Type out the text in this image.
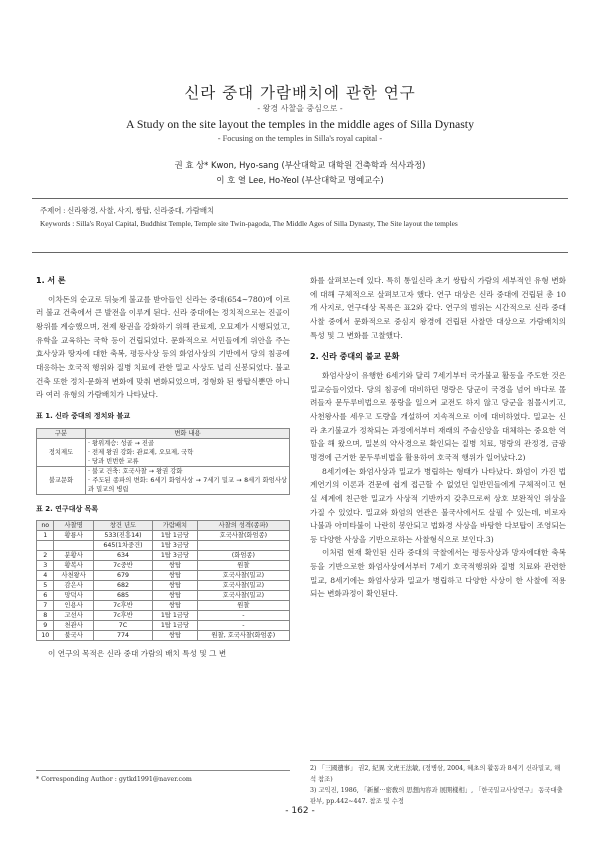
신라 중대 가람배치에 관한 연구
- 왕경 사찰을 중심으로 -
A Study on the site layout the temples in the middle ages of Silla Dynasty
- Focusing on the temples in Silla's royal capital -
권 효 상* Kwon, Hyo-sang (부산대학교 대학원 건축학과 석사과정)
이 호 열 Lee, Ho-Yeol (부산대학교 명예교수)
주제어 : 신라왕경, 사찰, 사지, 쌍탑, 신라중대, 가람배치
Keywords : Silla's Royal Capital, Buddhist Temple, Temple site Twin-pagoda, The Middle Ages of Silla Dynasty, The Site layout the temples
1. 서 론

이차돈의 순교로 뒤늦게 불교를 받아들인 신라는 중대(654~780)에 이르러 불교 건축에서 큰 발전을 이루게 된다. 신라 중대에는 정치적으로는 진골이 왕위를 계승했으며, 전제 왕권을 강화하기 위해 관료제, 오묘제가 시행되었고, 유학을 교육하는 국학 등이 건립되었다. 문화적으로 서민들에게 위안을 주는 효사상과 땅자에 대한 축복, 평등사상 등의 화엄사상의 기반에서 당의 침공에 대응하는 호국적 행위와 질병 치료에 관한 밀교 사상도 널리 신봉되었다. 불교건축 또한 정치·문화적 변화에 맞춰 변화되었으며, 정형화 된 쌍탑식뿐만 아니라 여러 유형의 가람배치가 나타났다.

표 1. 신라 중대의 정치와 불교
구분	변화 내용
정치제도	· 왕위계승: 성골 → 진골
· 전제 왕권 강화: 관료제, 오묘제, 국학
· 당과 빈번한 교류

불교문화	· 불교 건축: 호국사찰 → 왕권 강화
· 주도된 종파의 변화: 6세기 화엄사상 → 7세기 밀교 → 8세기 화엄사상과 밀교의 병립
표 2. 연구대상 목록
no	사찰명	창건 년도	가람배치	사찰의 성격(종파)
1	황룡사	533(진흥14)	1탑 1금당	호국사찰(화엄종)
		645(1차중건)	1탑 3금당	
2	분황사	634	1탑 3금당	(화엄종)
3	황복사	7c중반	쌍탑	원찰
4	사천왕사	679	쌍탑	호국사찰(밀교)
5	감은사	682	쌍탑	호국사찰(밀교)
6	망덕사	685	쌍탑	호국사찰(밀교)
7	인용사	7c후반	쌍탑	원찰
8	고선사	7c후반	1탑 1금당	-
9	천관사	7C	1탑 1금당	-
10	불국사	774	쌍탑	원찰, 호국사찰(화엄종)

이 연구의 목적은 신라 중대 가람의 배치 특성 및 그 변

* Corresponding Author : gytkd1991@naver.com

화를 살펴보는데 있다. 특히 통일신라 초기 쌍탑식 가람의 세부적인 유형 변화에 대해 구체적으로 살펴보고자 했다. 연구 대상은 신라 중대에 건립된 총 10개 사지로, 연구대상 목록은 표2와 같다. 연구의 범위는 시간적으로 신라 중대 사찰 중에서 문화적으로 중심지 왕경에 건립된 사찰만 대상으로 가람배치의 특성 및 그 변화를 고찰했다.

2. 신라 중대의 불교 문화

화엄사상이 유행한 6세기와 달리 7세기부터 국가불교 활동을 주도한 것은 밀교승들이었다. 당의 침공에 대비하던 명랑은 당군이 국경을 넘어 바다로 몰려들자 문두루비법으로 풍랑을 일으켜 교전도 하지 않고 당군을 침몰시키고, 사천왕사를 세우고 도량을 개설하여 지속적으로 이에 대비하였다. 밀교는 신라 초기불교가 정착되는 과정에서부터 재래의 주술신앙을 대체하는 중요한 역할을 해 왔으며, 밀본의 약사경으로 확인되는 질병 치료, 명랑의 관정경, 금광명경에 근거한 문두루비법을 활용하여 호국적 행위가 일어났다.2)

8세기에는 화엄사상과 밀교가 병립하는 형태가 나타났다. 화엄이 가진 법계연기의 이론과 견문에 쉽게 접근할 수 없었던 일반민들에게 구체적이고 현실 세계에 친근한 밀교가 사상적 기반까지 갖추므로써 상호 보완적인 위상을 가질 수 있었다. 밀교와 화엄의 연관은 불국사에서도 살필 수 있는데, 비로자나불과 아미타불이 나란히 봉안되고 법화경 사상을 바탕한 다보탑이 조영되는 등 다양한 사상을 기반으로하는 사찰형식으로 보인다.3)

이처럼 현재 확인된 신라 중대의 국찰에서는 평등사상과 망자에대한 축복 등을 기반으로한 화엄사상에서부터 7세기 호국적행위와 질병 치료와 관련한 밀교, 8세기에는 화엄사상과 밀교가 병립하고 다양한 사상이 한 사찰에 적용되는 변화과정이 확인된다.

2) 「三國遺事」 권2, 紀異 文虎王法敏, (정병삼, 2004, 혜초의 활동과 8세기 신라밀교, 해석 참조)
3) 고익진, 1986, 「新羅···密敎의 思想內容과 展開樣相」, 「한국밀교사상연구」 동국대출판부, pp.442~447. 참조 및 수정
- 162 -
